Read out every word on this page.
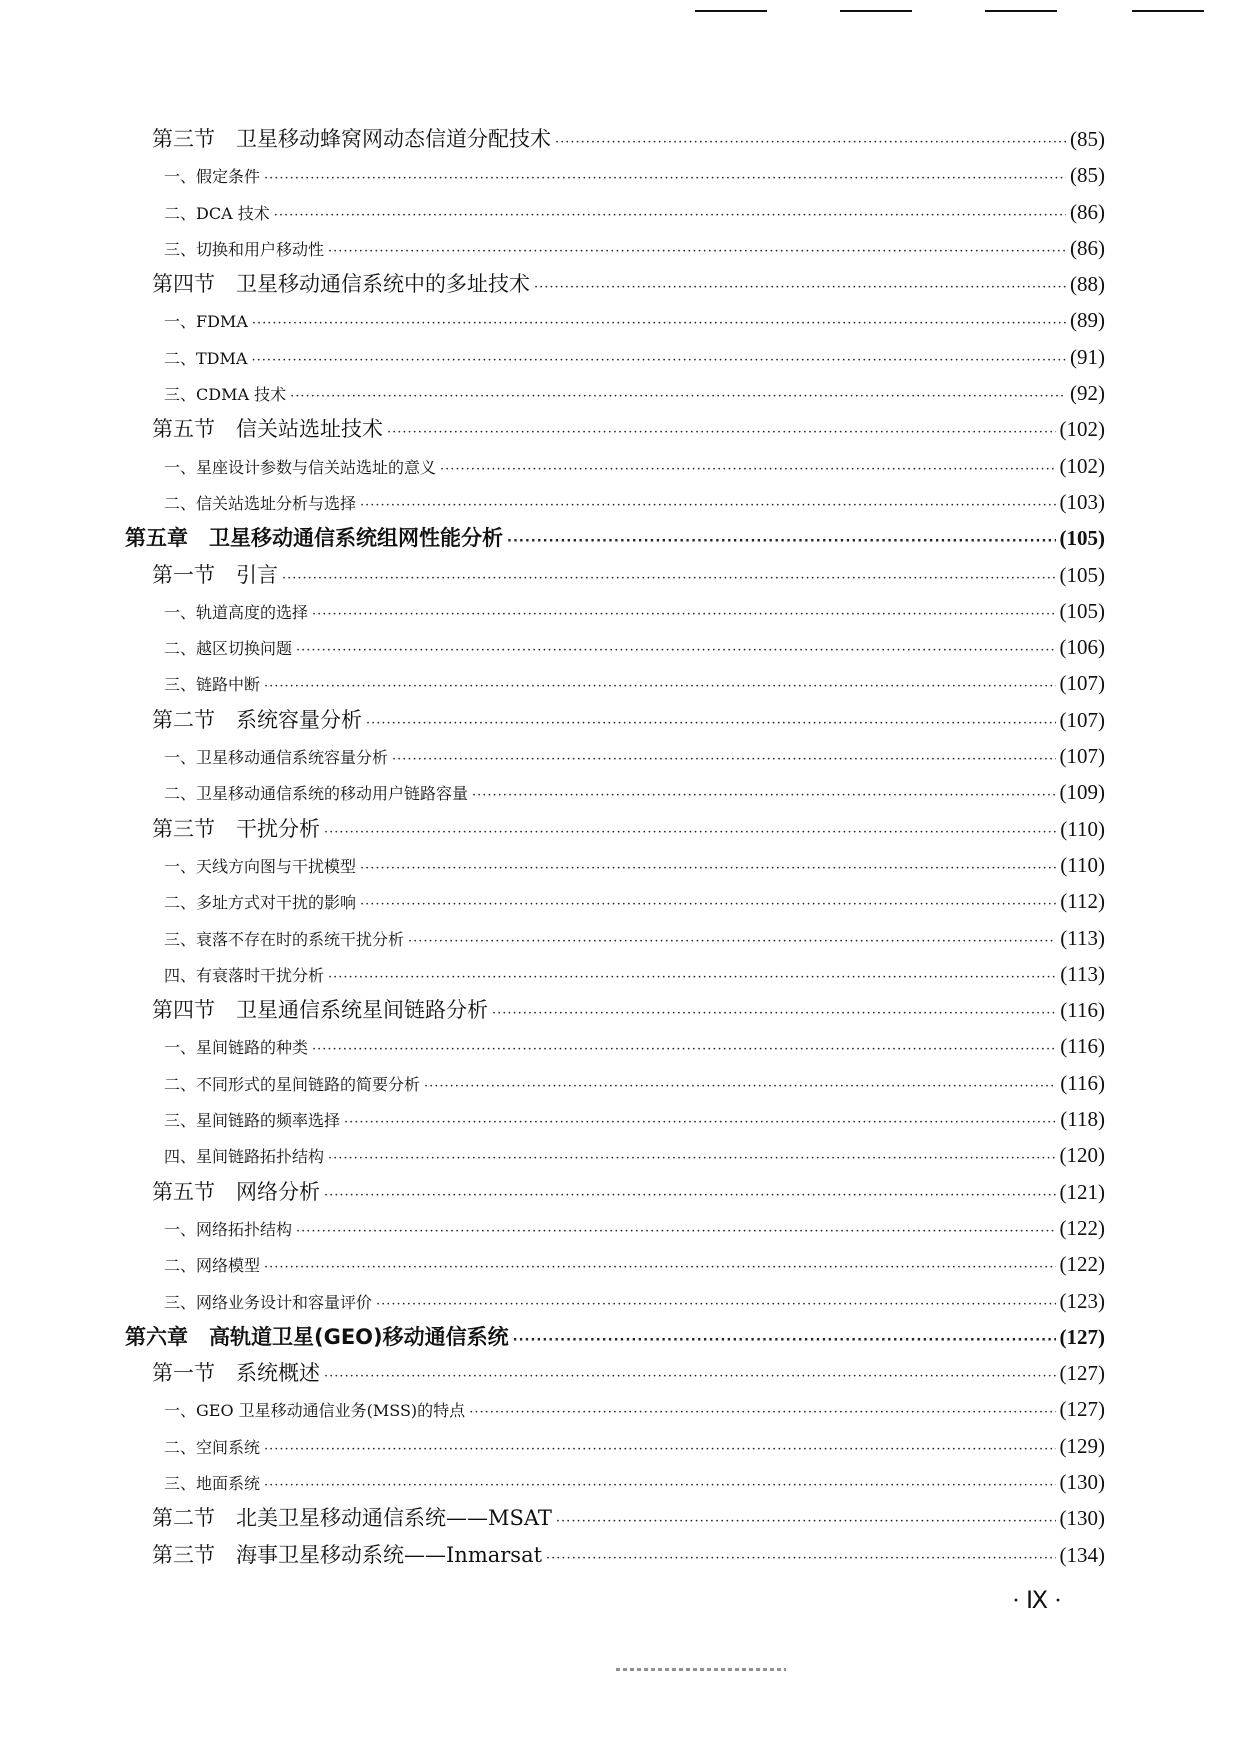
第三节　卫星移动蜂窝网动态信道分配技术 ·····	(85)
一、假定条件 ·····	(85)
二、DCA 技术 ·····	(86)
三、切换和用户移动性 ·····	(86)
第四节　卫星移动通信系统中的多址技术 ·····	(88)
一、FDMA ·····	(89)
二、TDMA ·····	(91)
三、CDMA 技术 ·····	(92)
第五节　信关站选址技术 ·····	(102)
一、星座设计参数与信关站选址的意义 ·····	(102)
二、信关站选址分析与选择 ·····	(103)
第五章　卫星移动通信系统组网性能分析 ·····	(105)
第一节　引言 ·····	(105)
一、轨道高度的选择 ·····	(105)
二、越区切换问题 ·····	(106)
三、链路中断 ·····	(107)
第二节　系统容量分析 ·····	(107)
一、卫星移动通信系统容量分析 ·····	(107)
二、卫星移动通信系统的移动用户链路容量 ·····	(109)
第三节　干扰分析 ·····	(110)
一、天线方向图与干扰模型 ·····	(110)
二、多址方式对干扰的影响 ·····	(112)
三、衰落不存在时的系统干扰分析 ·····	(113)
四、有衰落时干扰分析 ·····	(113)
第四节　卫星通信系统星间链路分析 ·····	(116)
一、星间链路的种类 ·····	(116)
二、不同形式的星间链路的简要分析 ·····	(116)
三、星间链路的频率选择 ·····	(118)
四、星间链路拓扑结构 ·····	(120)
第五节　网络分析 ·····	(121)
一、网络拓扑结构 ·····	(122)
二、网络模型 ·····	(122)
三、网络业务设计和容量评价 ·····	(123)
第六章　高轨道卫星(GEO)移动通信系统 ·····	(127)
第一节　系统概述 ·····	(127)
一、GEO 卫星移动通信业务(MSS)的特点 ·····	(127)
二、空间系统 ·····	(129)
三、地面系统 ·····	(130)
第二节　北美卫星移动通信系统——MSAT ·····	(130)
第三节　海事卫星移动系统——Inmarsat ·····	(134)
· Ⅸ ·
